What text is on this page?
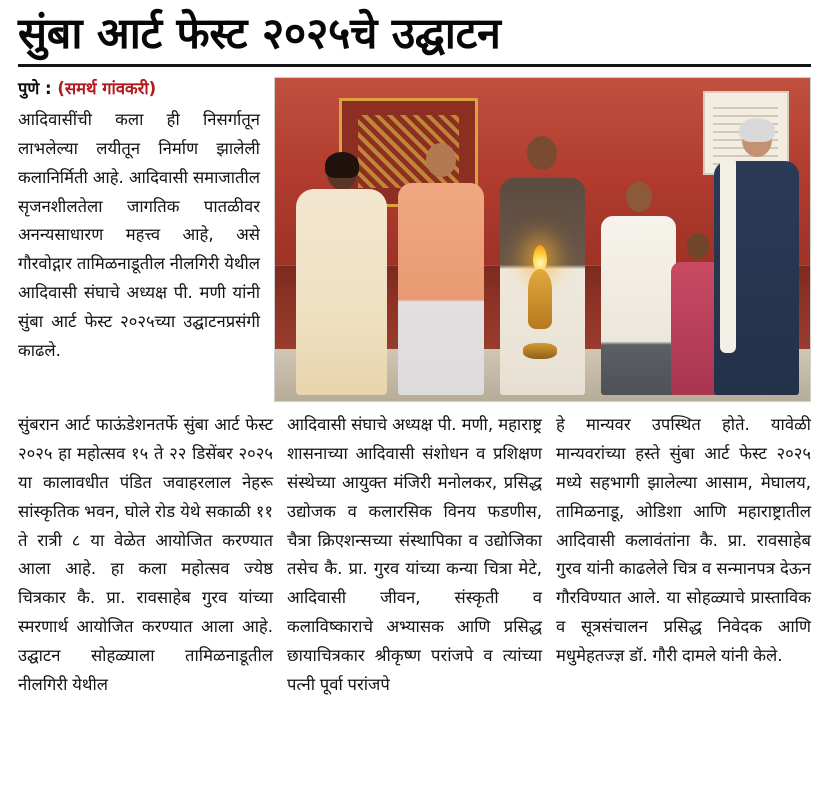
सुंबा आर्ट फेस्ट २०२५चे उद्घाटन
पुणे : (समर्थ गांवकरी)
आदिवासींची कला ही निसर्गातून लाभलेल्या लयीतून निर्माण झालेली कलानिर्मिती आहे. आदिवासी समाजातील सृजनशीलतेला जागतिक पातळीवर अनन्यसाधारण महत्त्व आहे, असे गौरवोद्गार तामिळनाडूतील नीलगिरी येथील आदिवासी संघाचे अध्यक्ष पी. मणी यांनी सुंबा आर्ट फेस्ट २०२५च्या उद्घाटनप्रसंगी काढले.
सुंबरान आर्ट फाऊंडेशनतर्फे सुंबा आर्ट फेस्ट २०२५ हा महोत्सव १५ ते २२ डिसेंबर २०२५ या कालावधीत पंडित जवाहरलाल नेहरू सांस्कृतिक भवन, घोले रोड येथे सकाळी ११ ते रात्री ८ या वेळेत आयोजित करण्यात आला आहे. हा कला महोत्सव ज्येष्ठ चित्रकार कै. प्रा. रावसाहेब गुरव यांच्या स्मरणार्थ आयोजित करण्यात आला आहे. उद्घाटन सोहळ्याला तामिळनाडूतील नीलगिरी येथील
आदिवासी संघाचे अध्यक्ष पी. मणी, महाराष्ट्र शासनाच्या आदिवासी संशोधन व प्रशिक्षण संस्थेच्या आयुक्त मंजिरी मनोलकर, प्रसिद्ध उद्योजक व कलारसिक विनय फडणीस, चैत्रा क्रिएशन्सच्या संस्थापिका व उद्योजिका तसेच कै. प्रा. गुरव यांच्या कन्या चित्रा मेटे, आदिवासी जीवन, संस्कृती व कलाविष्काराचे अभ्यासक आणि प्रसिद्ध छायाचित्रकार श्रीकृष्ण परांजपे व त्यांच्या पत्नी पूर्वा परांजपे
हे मान्यवर उपस्थित होते. यावेळी मान्यवरांच्या हस्ते सुंबा आर्ट फेस्ट २०२५ मध्ये सहभागी झालेल्या आसाम, मेघालय, तामिळनाडू, ओडिशा आणि महाराष्ट्रातील आदिवासी कलावंतांना कै. प्रा. रावसाहेब गुरव यांनी काढलेले चित्र व सन्मानपत्र देऊन गौरविण्यात आले. या सोहळ्याचे प्रास्ताविक व सूत्रसंचालन प्रसिद्ध निवेदक आणि मधुमेहतज्ज्ञ डॉ. गौरी दामले यांनी केले.
